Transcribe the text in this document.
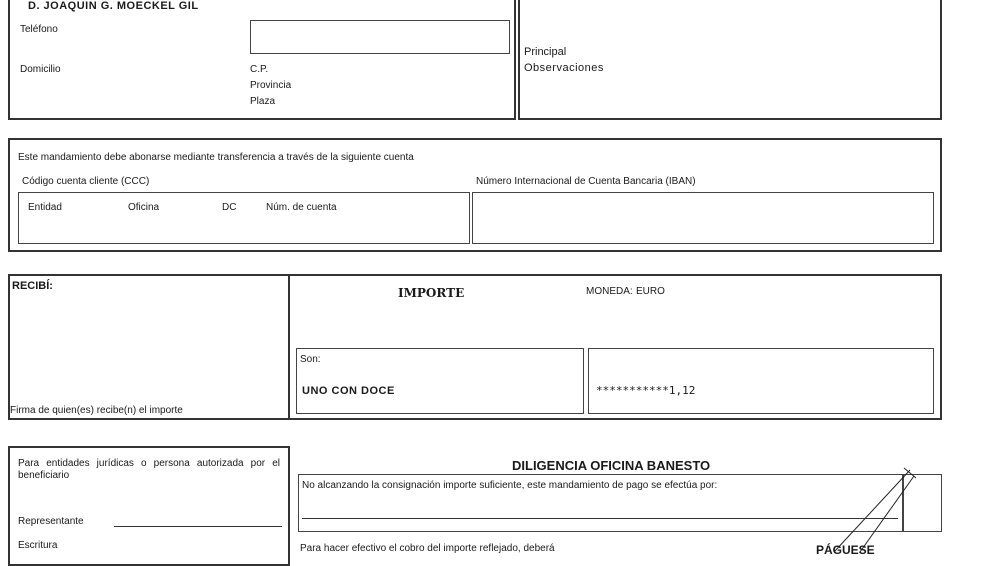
D. JOAQUIN G. MOECKEL GIL
Teléfono
Domicilio	C.P.
Provincia
Plaza
Principal
Observaciones
Este mandamiento debe abonarse mediante transferencia a través de la siguiente cuenta
Código cuenta cliente (CCC)	Número Internacional de Cuenta Bancaria (IBAN)
Entidad	Oficina	DC	Núm. de cuenta
RECIBÍ:
Firma de quien(es) recibe(n) el importe
IMPORTE	MONEDA: EURO
Son:
UNO CON DOCE	***********1,12
Para entidades jurídicas o persona autorizada por el beneficiario
Representante
Escritura
DILIGENCIA OFICINA BANESTO
No alcanzando la consignación importe suficiente, este mandamiento de pago se efectúa por:
Para hacer efectivo el cobro del importe reflejado, deberá	PÁGUESE
